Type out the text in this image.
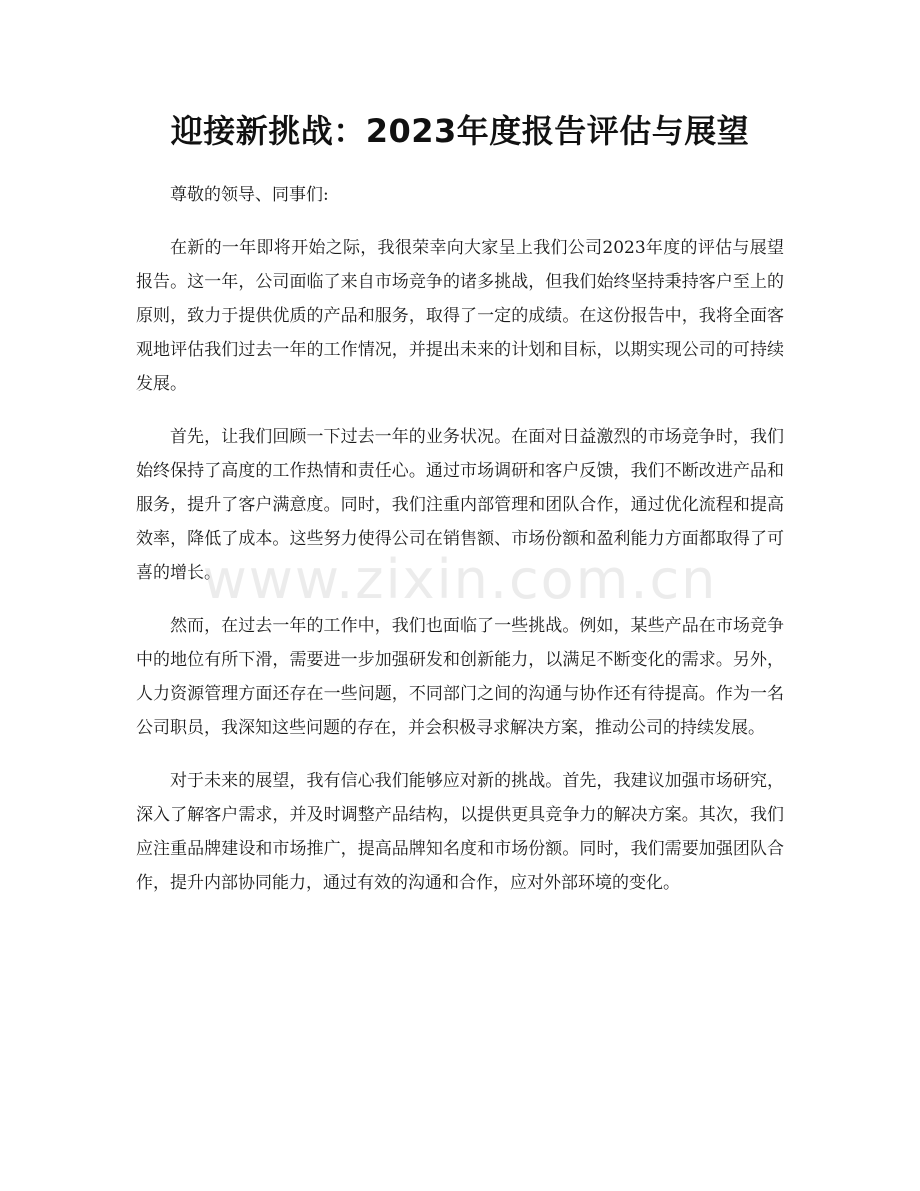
迎接新挑战：2023年度报告评估与展望

尊敬的领导、同事们:

在新的一年即将开始之际，我很荣幸向大家呈上我们公司2023年度的评估与展望报告。这一年，公司面临了来自市场竞争的诸多挑战，但我们始终坚持秉持客户至上的原则，致力于提供优质的产品和服务，取得了一定的成绩。在这份报告中，我将全面客观地评估我们过去一年的工作情况，并提出未来的计划和目标，以期实现公司的可持续发展。

首先，让我们回顾一下过去一年的业务状况。在面对日益激烈的市场竞争时，我们始终保持了高度的工作热情和责任心。通过市场调研和客户反馈，我们不断改进产品和服务，提升了客户满意度。同时，我们注重内部管理和团队合作，通过优化流程和提高效率，降低了成本。这些努力使得公司在销售额、市场份额和盈利能力方面都取得了可喜的增长。

然而，在过去一年的工作中，我们也面临了一些挑战。例如，某些产品在市场竞争中的地位有所下滑，需要进一步加强研发和创新能力，以满足不断变化的需求。另外，人力资源管理方面还存在一些问题，不同部门之间的沟通与协作还有待提高。作为一名公司职员，我深知这些问题的存在，并会积极寻求解决方案，推动公司的持续发展。

对于未来的展望，我有信心我们能够应对新的挑战。首先，我建议加强市场研究，深入了解客户需求，并及时调整产品结构，以提供更具竞争力的解决方案。其次，我们应注重品牌建设和市场推广，提高品牌知名度和市场份额。同时，我们需要加强团队合作，提升内部协同能力，通过有效的沟通和合作，应对外部环境的变化。

www.zixin.com.cn
